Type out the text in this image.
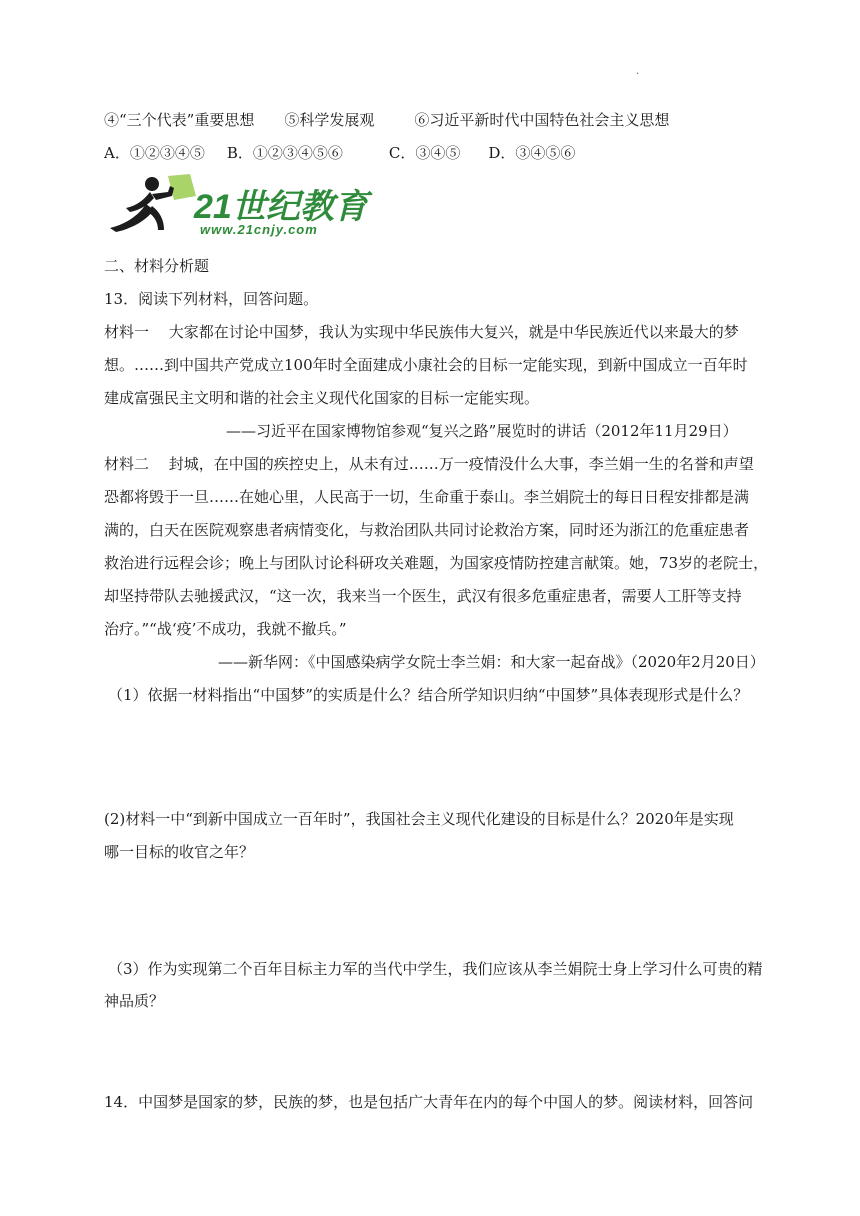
.
④“三个代表”重要思想 ⑤科学发展观	⑥习近平新时代中国特色社会主义思想
A．①②③④⑤ B．①②③④⑤⑥	C．③④⑤ D．③④⑤⑥
21世纪教育
www.21cnjy.com
二、材料分析题
13．阅读下列材料，回答问题。
材料一　 大家都在讨论中国梦，我认为实现中华民族伟大复兴，就是中华民族近代以来最大的梦
想。……到中国共产党成立100年时全面建成小康社会的目标一定能实现，到新中国成立一百年时
建成富强民主文明和谐的社会主义现代化国家的目标一定能实现。
——习近平在国家博物馆参观“复兴之路”展览时的讲话（2012年11月29日）
材料二　 封城，在中国的疾控史上，从未有过……万一疫情没什么大事，李兰娟一生的名誉和声望
恐都将毁于一旦……在她心里，人民高于一切，生命重于泰山。李兰娟院士的每日日程安排都是满
满的，白天在医院观察患者病情变化，与救治团队共同讨论救治方案，同时还为浙江的危重症患者
救治进行远程会诊；晚上与团队讨论科研攻关难题，为国家疫情防控建言献策。她，73岁的老院士，
却坚持带队去驰援武汉，“这一次，我来当一个医生，武汉有很多危重症患者，需要人工肝等支持
治疗。”“战‘疫’不成功，我就不撤兵。”
——新华网：《中国感染病学女院士李兰娟：和大家一起奋战》（2020年2月20日）
（1）依据一材料指出“中国梦”的实质是什么？结合所学知识归纳“中国梦”具体表现形式是什么？
(2)材料一中“到新中国成立一百年时”，我国社会主义现代化建设的目标是什么？2020年是实现
哪一目标的收官之年？
（3）作为实现第二个百年目标主力军的当代中学生，我们应该从李兰娟院士身上学习什么可贵的精
神品质？
14．中国梦是国家的梦，民族的梦，也是包括广大青年在内的每个中国人的梦。阅读材料，回答问
